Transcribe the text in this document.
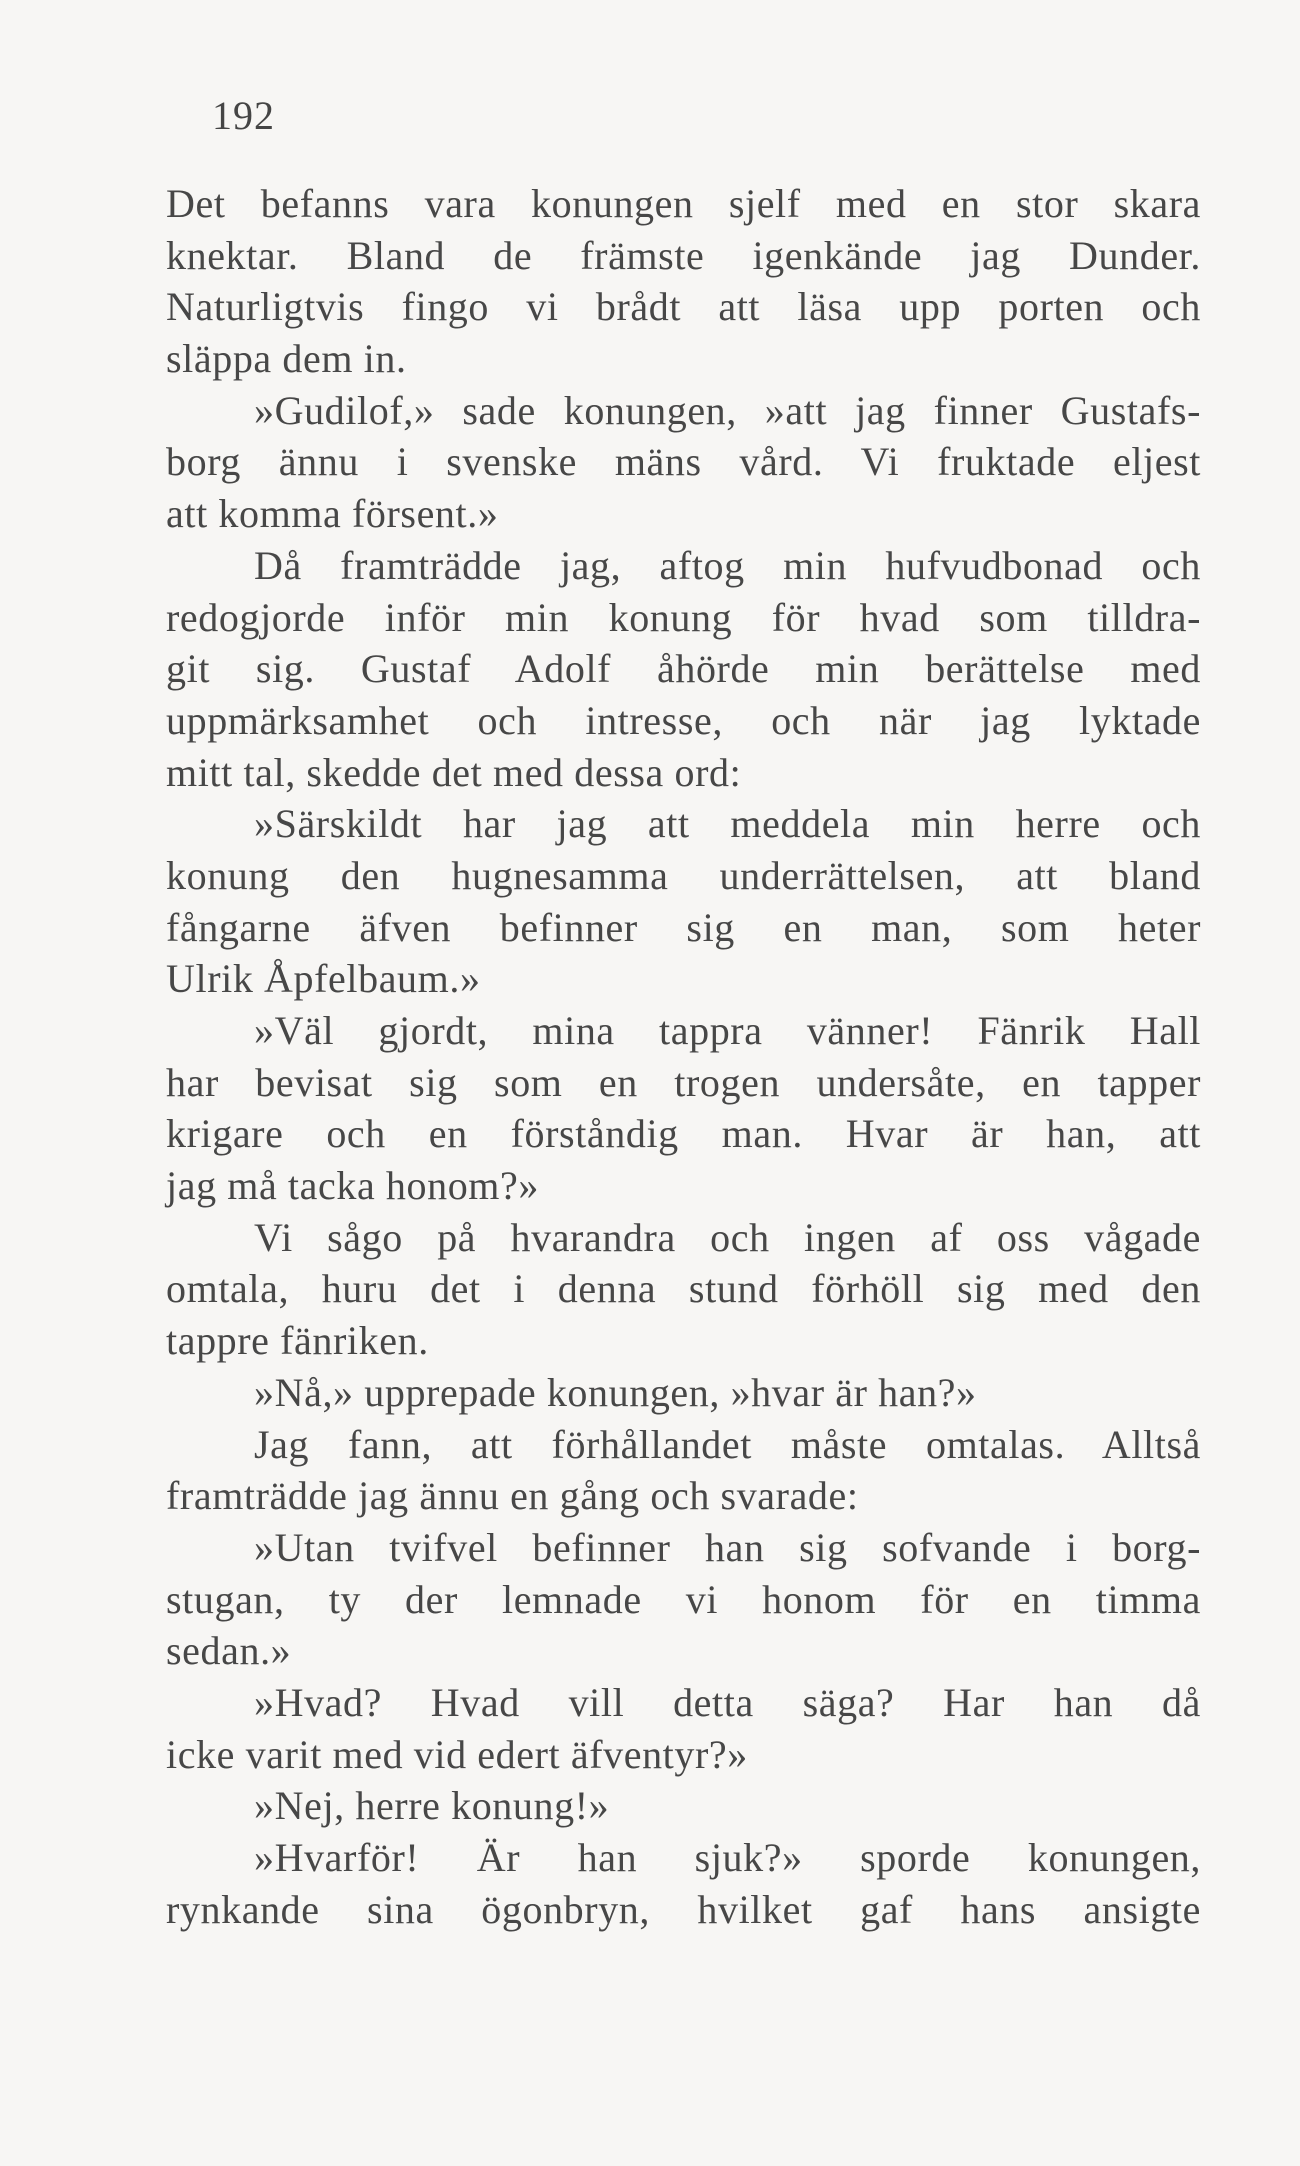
192
Det befanns vara konungen sjelf med en stor skara
knektar. Bland de främste igenkände jag Dunder.
Naturligtvis fingo vi brådt att läsa upp porten och
släppa dem in.
»Gudilof,» sade konungen, »att jag finner Gustafs-
borg ännu i svenske mäns vård. Vi fruktade eljest
att komma försent.»
Då framträdde jag, aftog min hufvudbonad och
redogjorde inför min konung för hvad som tilldra-
git sig. Gustaf Adolf åhörde min berättelse med
uppmärksamhet och intresse, och när jag lyktade
mitt tal, skedde det med dessa ord:
»Särskildt har jag att meddela min herre och
konung den hugnesamma underrättelsen, att bland
fångarne äfven befinner sig en man, som heter
Ulrik Åpfelbaum.»
»Väl gjordt, mina tappra vänner! Fänrik Hall
har bevisat sig som en trogen undersåte, en tapper
krigare och en förståndig man. Hvar är han, att
jag må tacka honom?»
Vi sågo på hvarandra och ingen af oss vågade
omtala, huru det i denna stund förhöll sig med den
tappre fänriken.
»Nå,» upprepade konungen, »hvar är han?»
Jag fann, att förhållandet måste omtalas. Alltså
framträdde jag ännu en gång och svarade:
»Utan tvifvel befinner han sig sofvande i borg-
stugan, ty der lemnade vi honom för en timma
sedan.»
»Hvad? Hvad vill detta säga? Har han då
icke varit med vid edert äfventyr?»
»Nej, herre konung!»
»Hvarför! Är han sjuk?» sporde konungen,
rynkande sina ögonbryn, hvilket gaf hans ansigte
